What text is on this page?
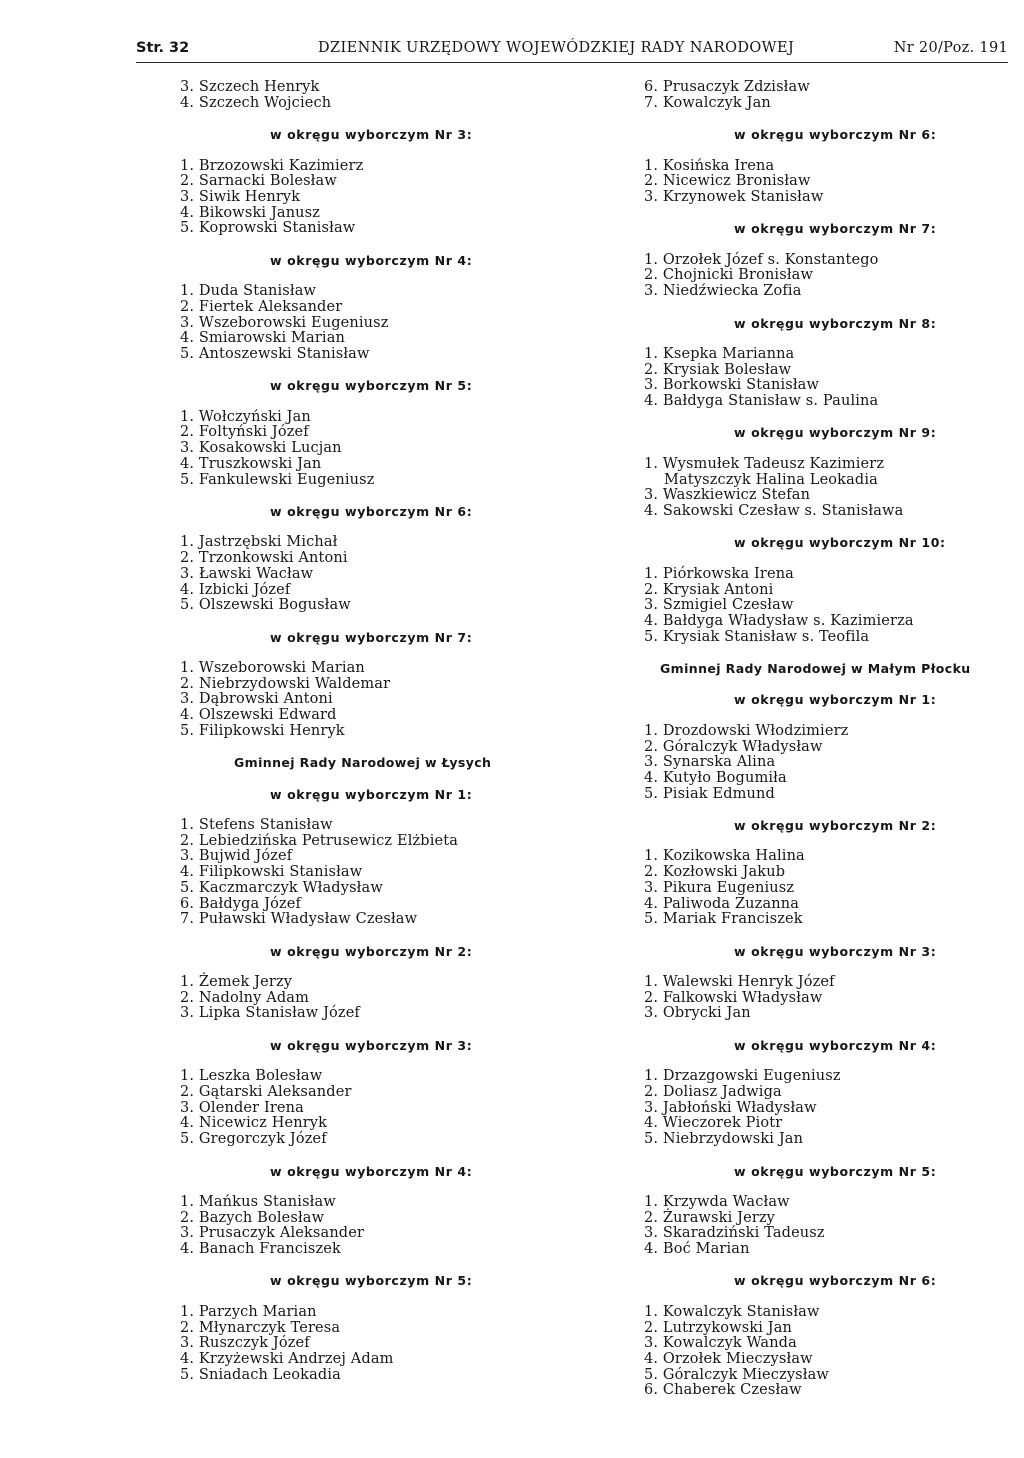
Str. 32	DZIENNIK URZĘDOWY WOJEWÓDZKIEJ RADY NARODOWEJ	Nr 20/Poz. 191
3. Szczech Henryk
4. Szczech Wojciech

w okręgu wyborczym Nr 3:

1. Brzozowski Kazimierz
2. Sarnacki Bolesław
3. Siwik Henryk
4. Bikowski Janusz
5. Koprowski Stanisław

w okręgu wyborczym Nr 4:

1. Duda Stanisław
2. Fiertek Aleksander
3. Wszeborowski Eugeniusz
4. Smiarowski Marian
5. Antoszewski Stanisław

w okręgu wyborczym Nr 5:

1. Wołczyński Jan
2. Foltyński Józef
3. Kosakowski Lucjan
4. Truszkowski Jan
5. Fankulewski Eugeniusz

w okręgu wyborczym Nr 6:

1. Jastrzębski Michał
2. Trzonkowski Antoni
3. Ławski Wacław
4. Izbicki Józef
5. Olszewski Bogusław

w okręgu wyborczym Nr 7:

1. Wszeborowski Marian
2. Niebrzydowski Waldemar
3. Dąbrowski Antoni
4. Olszewski Edward
5. Filipkowski Henryk

Gminnej Rady Narodowej w Łysych

w okręgu wyborczym Nr 1:

1. Stefens Stanisław
2. Lebiedzińska Petrusewicz Elżbieta
3. Bujwid Józef
4. Filipkowski Stanisław
5. Kaczmarczyk Władysław
6. Bałdyga Józef
7. Puławski Władysław Czesław

w okręgu wyborczym Nr 2:

1. Żemek Jerzy
2. Nadolny Adam
3. Lipka Stanisław Józef

w okręgu wyborczym Nr 3:

1. Leszka Bolesław
2. Gątarski Aleksander
3. Olender Irena
4. Nicewicz Henryk
5. Gregorczyk Józef

w okręgu wyborczym Nr 4:

1. Mańkus Stanisław
2. Bazych Bolesław
3. Prusaczyk Aleksander
4. Banach Franciszek

w okręgu wyborczym Nr 5:

1. Parzych Marian
2. Młynarczyk Teresa
3. Ruszczyk Józef
4. Krzyżewski Andrzej Adam
5. Sniadach Leokadia
6. Prusaczyk Zdzisław
7. Kowalczyk Jan

w okręgu wyborczym Nr 6:

1. Kosińska Irena
2. Nicewicz Bronisław
3. Krzynowek Stanisław

w okręgu wyborczym Nr 7:

1. Orzołek Józef s. Konstantego
2. Chojnicki Bronisław
3. Niedźwiecka Zofia

w okręgu wyborczym Nr 8:

1. Ksepka Marianna
2. Krysiak Bolesław
3. Borkowski Stanisław
4. Bałdyga Stanisław s. Paulina

w okręgu wyborczym Nr 9:

1. Wysmułek Tadeusz Kazimierz
Matyszczyk Halina Leokadia
3. Waszkiewicz Stefan
4. Sakowski Czesław s. Stanisława

w okręgu wyborczym Nr 10:

1. Piórkowska Irena
2. Krysiak Antoni
3. Szmigiel Czesław
4. Bałdyga Władysław s. Kazimierza
5. Krysiak Stanisław s. Teofila

Gminnej Rady Narodowej w Małym Płocku

w okręgu wyborczym Nr 1:

1. Drozdowski Włodzimierz
2. Góralczyk Władysław
3. Synarska Alina
4. Kutyło Bogumiła
5. Pisiak Edmund

w okręgu wyborczym Nr 2:

1. Kozikowska Halina
2. Kozłowski Jakub
3. Pikura Eugeniusz
4. Paliwoda Zuzanna
5. Mariak Franciszek

w okręgu wyborczym Nr 3:

1. Walewski Henryk Józef
2. Falkowski Władysław
3. Obrycki Jan

w okręgu wyborczym Nr 4:

1. Drzazgowski Eugeniusz
2. Doliasz Jadwiga
3. Jabłoński Władysław
4. Wieczorek Piotr
5. Niebrzydowski Jan

w okręgu wyborczym Nr 5:

1. Krzywda Wacław
2. Żurawski Jerzy
3. Skaradziński Tadeusz
4. Boć Marian

w okręgu wyborczym Nr 6:

1. Kowalczyk Stanisław
2. Lutrzykowski Jan
3. Kowalczyk Wanda
4. Orzołek Mieczysław
5. Góralczyk Mieczysław
6. Chaberek Czesław
